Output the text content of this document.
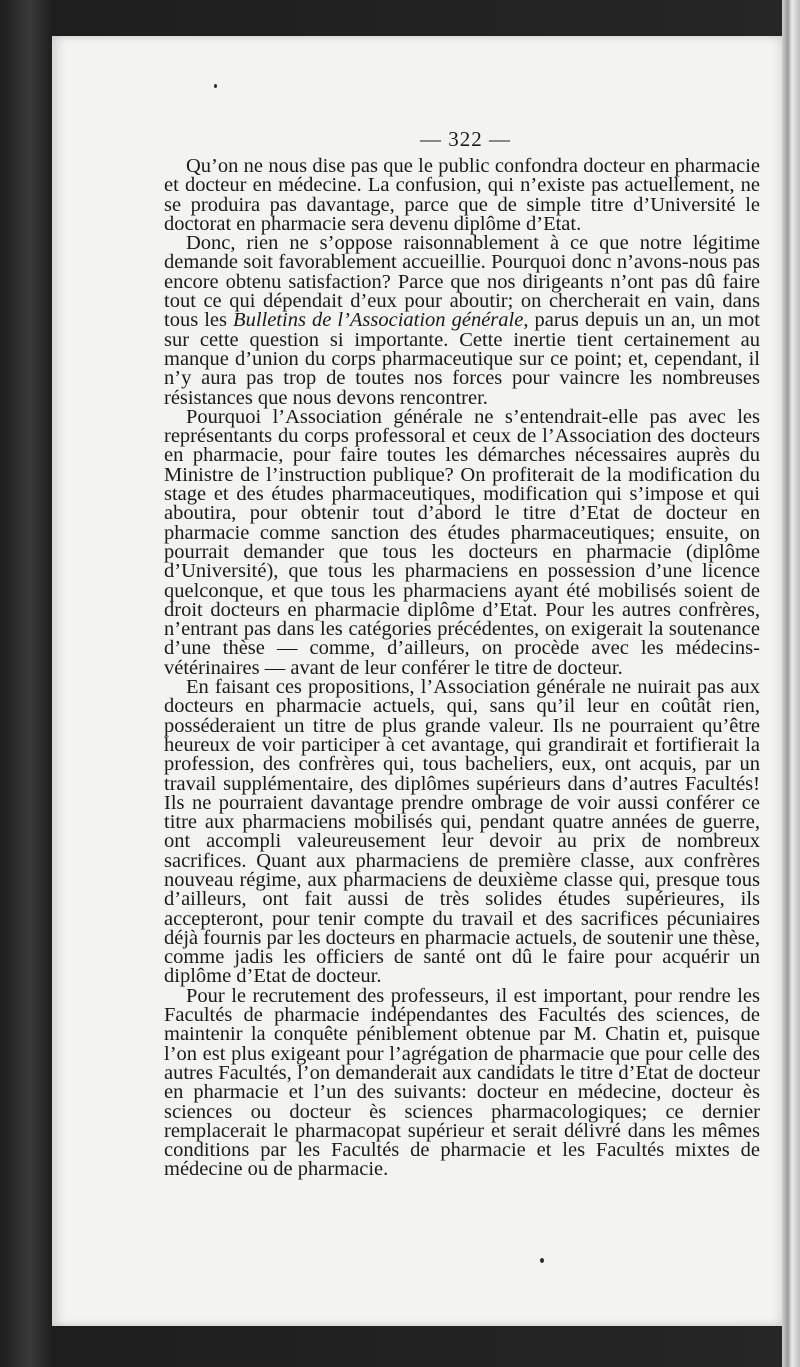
— 322 —

Qu’on ne nous dise pas que le public confondra docteur en pharmacie et docteur en médecine. La confusion, qui n’existe pas actuellement, ne se produira pas davantage, parce que de simple titre d’Université le doctorat en pharmacie sera devenu diplôme d’Etat.

Donc, rien ne s’oppose raisonnablement à ce que notre légitime demande soit favorablement accueillie. Pourquoi donc n’avons-nous pas encore obtenu satisfaction? Parce que nos dirigeants n’ont pas dû faire tout ce qui dépendait d’eux pour aboutir; on chercherait en vain, dans tous les Bulletins de l’Association générale, parus depuis un an, un mot sur cette question si importante. Cette inertie tient certainement au manque d’union du corps pharmaceutique sur ce point; et, cependant, il n’y aura pas trop de toutes nos forces pour vaincre les nombreuses résistances que nous devons rencontrer.

Pourquoi l’Association générale ne s’entendrait-elle pas avec les représentants du corps professoral et ceux de l’Association des docteurs en pharmacie, pour faire toutes les démarches nécessaires auprès du Ministre de l’instruction publique? On profiterait de la modification du stage et des études pharmaceutiques, modification qui s’impose et qui aboutira, pour obtenir tout d’abord le titre d’Etat de docteur en pharmacie comme sanction des études pharmaceutiques; ensuite, on pourrait demander que tous les docteurs en pharmacie (diplôme d’Université), que tous les pharmaciens en possession d’une licence quelconque, et que tous les pharmaciens ayant été mobilisés soient de droit docteurs en pharmacie diplôme d’Etat. Pour les autres confrères, n’entrant pas dans les catégories précédentes, on exigerait la soutenance d’une thèse — comme, d’ailleurs, on procède avec les médecins-vétérinaires — avant de leur conférer le titre de docteur.

En faisant ces propositions, l’Association générale ne nuirait pas aux docteurs en pharmacie actuels, qui, sans qu’il leur en coûtât rien, posséderaient un titre de plus grande valeur. Ils ne pourraient qu’être heureux de voir participer à cet avantage, qui grandirait et fortifierait la profession, des confrères qui, tous bacheliers, eux, ont acquis, par un travail supplémentaire, des diplômes supérieurs dans d’autres Facultés! Ils ne pourraient davantage prendre ombrage de voir aussi conférer ce titre aux pharmaciens mobilisés qui, pendant quatre années de guerre, ont accompli valeureusement leur devoir au prix de nombreux sacrifices. Quant aux pharmaciens de première classe, aux confrères nouveau régime, aux pharmaciens de deuxième classe qui, presque tous d’ailleurs, ont fait aussi de très solides études supérieures, ils accepteront, pour tenir compte du travail et des sacrifices pécuniaires déjà fournis par les docteurs en pharmacie actuels, de soutenir une thèse, comme jadis les officiers de santé ont dû le faire pour acquérir un diplôme d’Etat de docteur.

Pour le recrutement des professeurs, il est important, pour rendre les Facultés de pharmacie indépendantes des Facultés des sciences, de maintenir la conquête péniblement obtenue par M. Chatin et, puisque l’on est plus exigeant pour l’agrégation de pharmacie que pour celle des autres Facultés, l’on demanderait aux candidats le titre d’Etat de docteur en pharmacie et l’un des suivants: docteur en médecine, docteur ès sciences ou docteur ès sciences pharmacologiques; ce dernier remplacerait le pharmacopat supérieur et serait délivré dans les mêmes conditions par les Facultés de pharmacie et les Facultés mixtes de médecine ou de pharmacie.
